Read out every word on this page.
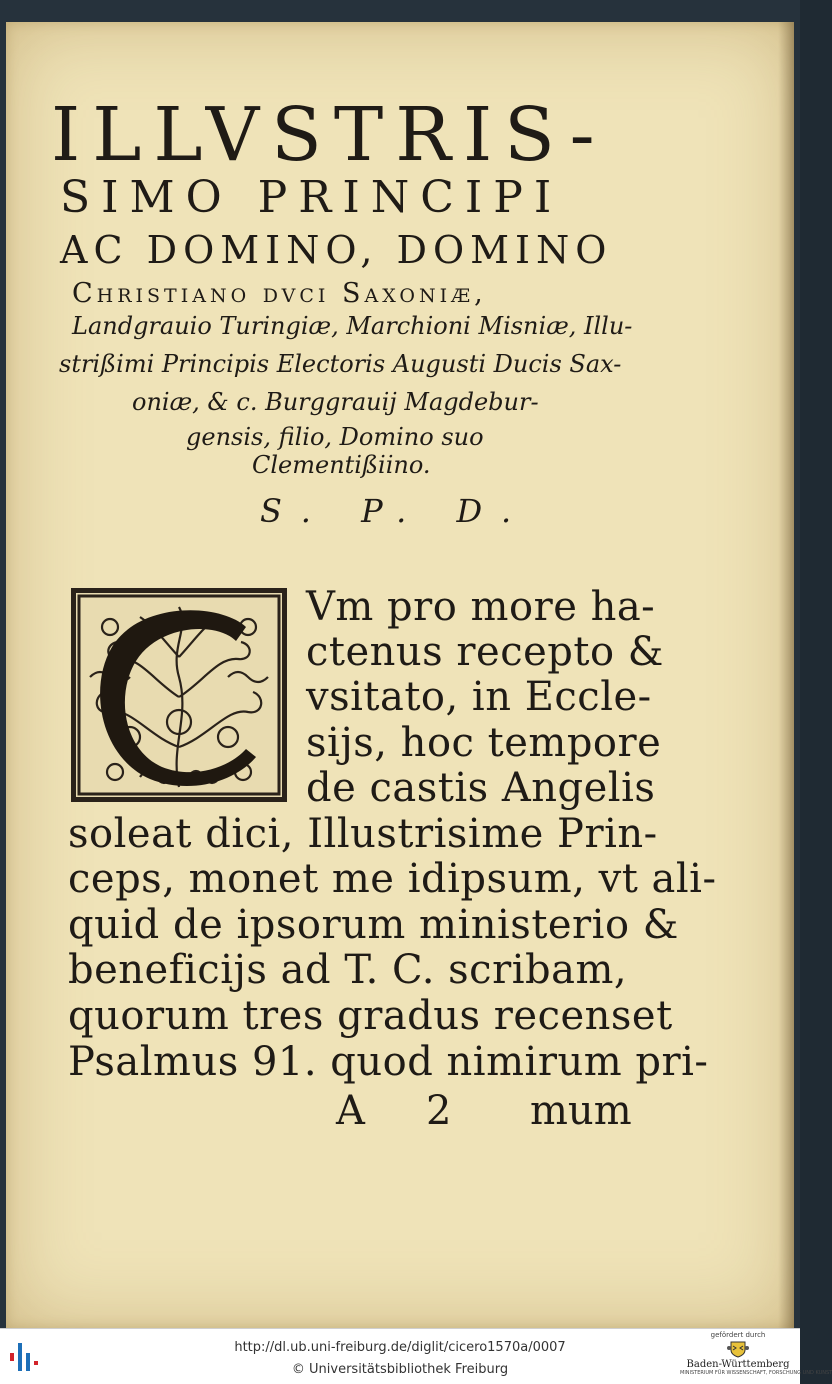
ILLVSTRIS-
SIMO PRINCIPI
AC DOMINO, DOMINO
Christiano dvci Saxoniæ,
Landgrauio Turingiæ, Marchioni Misniæ, Illu-
strißimi Principis Electoris Augusti Ducis Sax-
oniæ, & c. Burggrauij Magdebur-
gensis, filio, Domino suo
Clementißiino.
S. P. D.
Vm pro more ha-
ctenus recepto &
vsitato, in Eccle-
sijs, hoc tempore
de castis Angelis
soleat dici, Illustrisime Prin-
ceps, monet me idipsum, vt ali-
quid de ipsorum ministerio &
beneficijs ad T. C. scribam,
quorum tres gradus recenset
Psalmus 91. quod nimirum pri-
A 2 mum
http://dl.ub.uni-freiburg.de/diglit/cicero1570a/0007
© Universitätsbibliothek Freiburg
gefördert durch
Baden-Württemberg
MINISTERIUM FÜR WISSENSCHAFT, FORSCHUNG UND KUNST
